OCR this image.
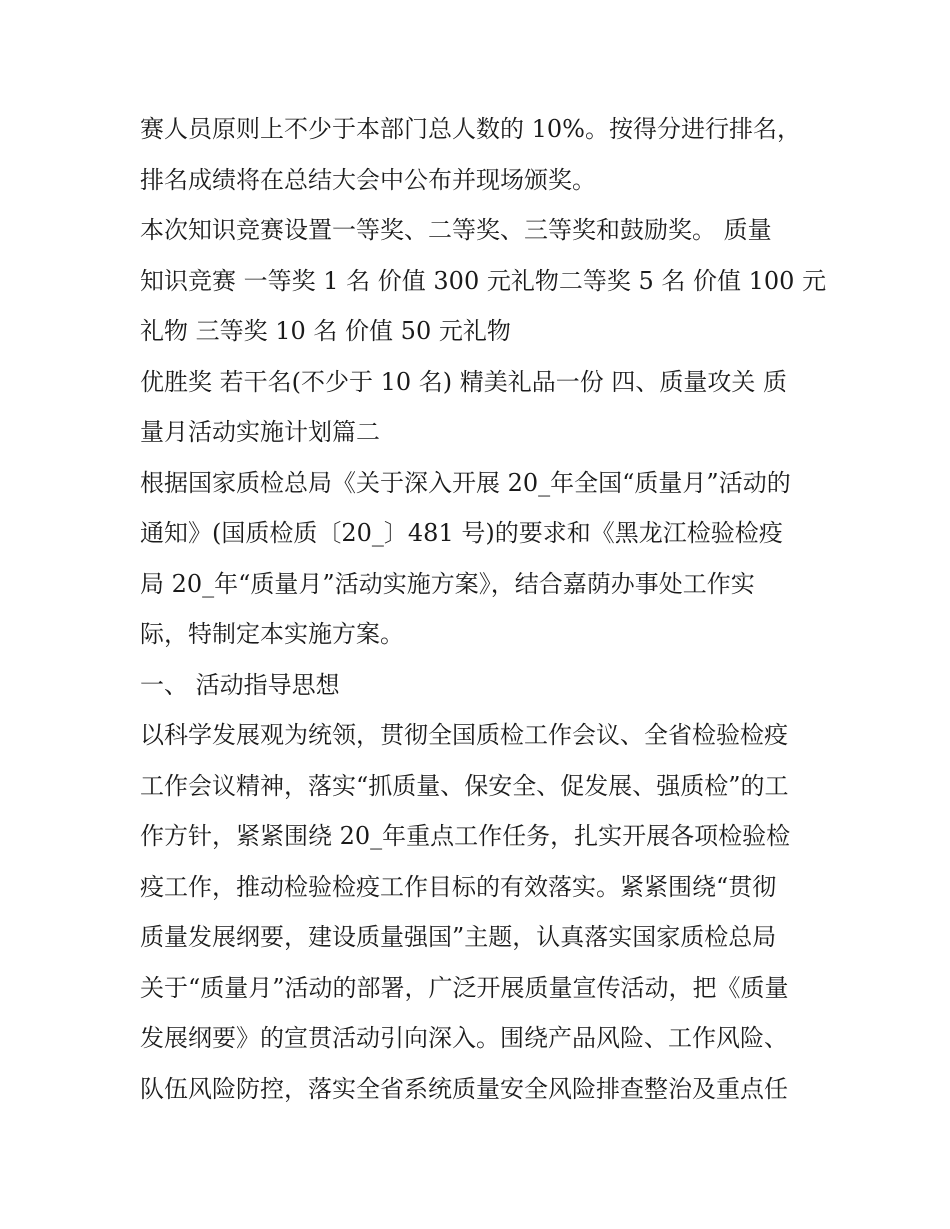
赛人员原则上不少于本部门总人数的 10%。按得分进行排名，
排名成绩将在总结大会中公布并现场颁奖。
本次知识竞赛设置一等奖、二等奖、三等奖和鼓励奖。 质量
知识竞赛 一等奖 1 名 价值 300 元礼物二等奖 5 名 价值 100 元
礼物 三等奖 10 名 价值 50 元礼物
优胜奖 若干名(不少于 10 名) 精美礼品一份 四、质量攻关 质
量月活动实施计划篇二
根据国家质检总局《关于深入开展 20_年全国“质量月”活动的
通知》(国质检质〔20_〕481 号)的要求和《黑龙江检验检疫
局 20_年“质量月”活动实施方案》，结合嘉荫办事处工作实
际，特制定本实施方案。
一、 活动指导思想
以科学发展观为统领，贯彻全国质检工作会议、全省检验检疫
工作会议精神，落实“抓质量、保安全、促发展、强质检”的工
作方针，紧紧围绕 20_年重点工作任务，扎实开展各项检验检
疫工作，推动检验检疫工作目标的有效落实。紧紧围绕“贯彻
质量发展纲要，建设质量强国”主题，认真落实国家质检总局
关于“质量月”活动的部署，广泛开展质量宣传活动，把《质量
发展纲要》的宣贯活动引向深入。围绕产品风险、工作风险、
队伍风险防控，落实全省系统质量安全风险排查整治及重点任
